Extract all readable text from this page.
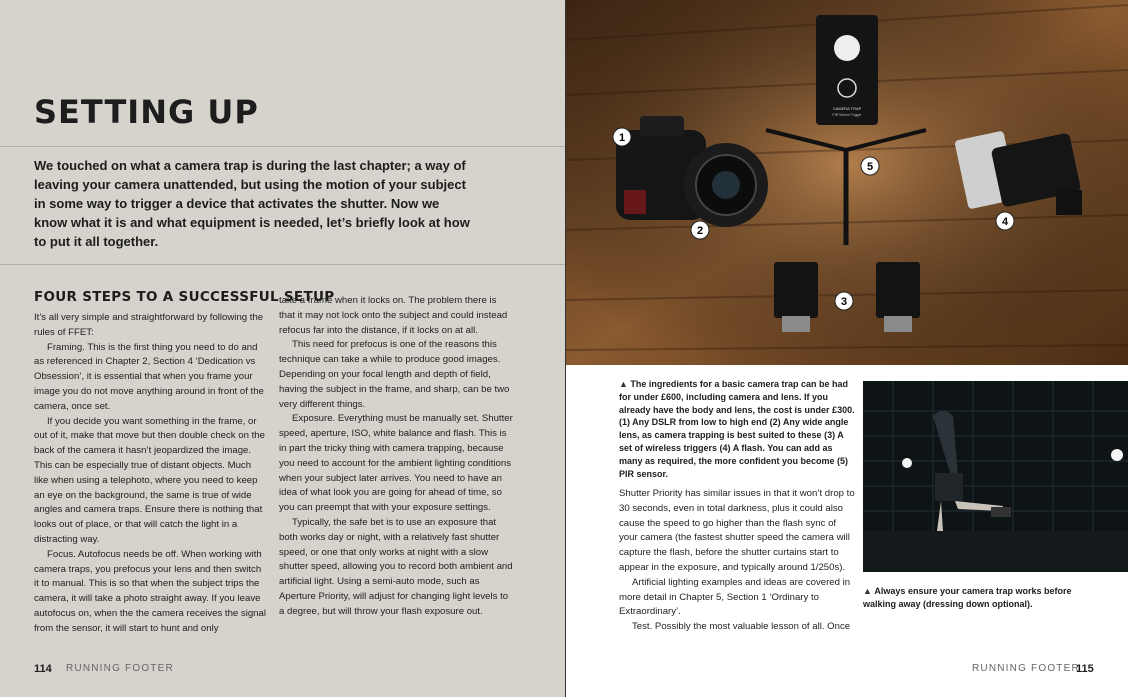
SETTING UP

We touched on what a camera trap is during the last chapter; a way of leaving your camera unattended, but using the motion of your subject in some way to trigger a device that activates the shutter. Now we know what it is and what equipment is needed, let’s briefly look at how to put it all together.

FOUR STEPS TO A SUCCESSFUL SETUP

It’s all very simple and straightforward by following the rules of FFET:

Framing. This is the first thing you need to do and as referenced in Chapter 2, Section 4 ‘Dedication vs Obsession’, it is essential that when you frame your image you do not move anything around in front of the camera, once set.

If you decide you want something in the frame, or out of it, make that move but then double check on the back of the camera it hasn’t jeopardized the image. This can be especially true of distant objects. Much like when using a telephoto, where you need to keep an eye on the background, the same is true of wide angles and camera traps. Ensure there is nothing that looks out of place, or that will catch the light in a distracting way.

Focus. Autofocus needs be off. When working with camera traps, you prefocus your lens and then switch it to manual. This is so that when the subject trips the camera, it will take a photo straight away. If you leave autofocus on, when the the camera receives the signal from the sensor, it will start to hunt and only

take a frame when it locks on. The problem there is that it may not lock onto the subject and could instead refocus far into the distance, if it locks on at all.

This need for prefocus is one of the reasons this technique can take a while to produce good images. Depending on your focal length and depth of field, having the subject in the frame, and sharp, can be two very different things.

Exposure. Everything must be manually set. Shutter speed, aperture, ISO, white balance and flash. This is in part the tricky thing with camera trapping, because you need to account for the ambient lighting conditions when your subject later arrives. You need to have an idea of what look you are going for ahead of time, so you can preempt that with your exposure settings.

Typically, the safe bet is to use an exposure that both works day or night, with a relatively fast shutter speed, or one that only works at night with a slow shutter speed, allowing you to record both ambient and artificial light. Using a semi-auto mode, such as Aperture Priority, will adjust for changing light levels to a degree, but will throw your flash exposure out.

114 RUNNING FOOTER
CAMERA TRAP
PIR Motion Trigger
1
2
3
4
5

▲ The ingredients for a basic camera trap can be had for under £600, including camera and lens. If you already have the body and lens, the cost is under £300. (1) Any DSLR from low to high end (2) Any wide angle lens, as camera trapping is best suited to these (3) A set of wireless triggers (4) A flash. You can add as many as required, the more confident you become (5) PIR sensor.

Shutter Priority has similar issues in that it won’t drop to 30 seconds, even in total darkness, plus it could also cause the speed to go higher than the flash sync of your camera (the fastest shutter speed the camera will capture the flash, before the shutter curtains start to appear in the exposure, and typically around 1/250s).

Artificial lighting examples and ideas are covered in more detail in Chapter 5, Section 1 ‘Ordinary to Extraordinary’.

Test. Possibly the most valuable lesson of all. Once

▲ Always ensure your camera trap works before walking away (dressing down optional).

RUNNING FOOTER
115
